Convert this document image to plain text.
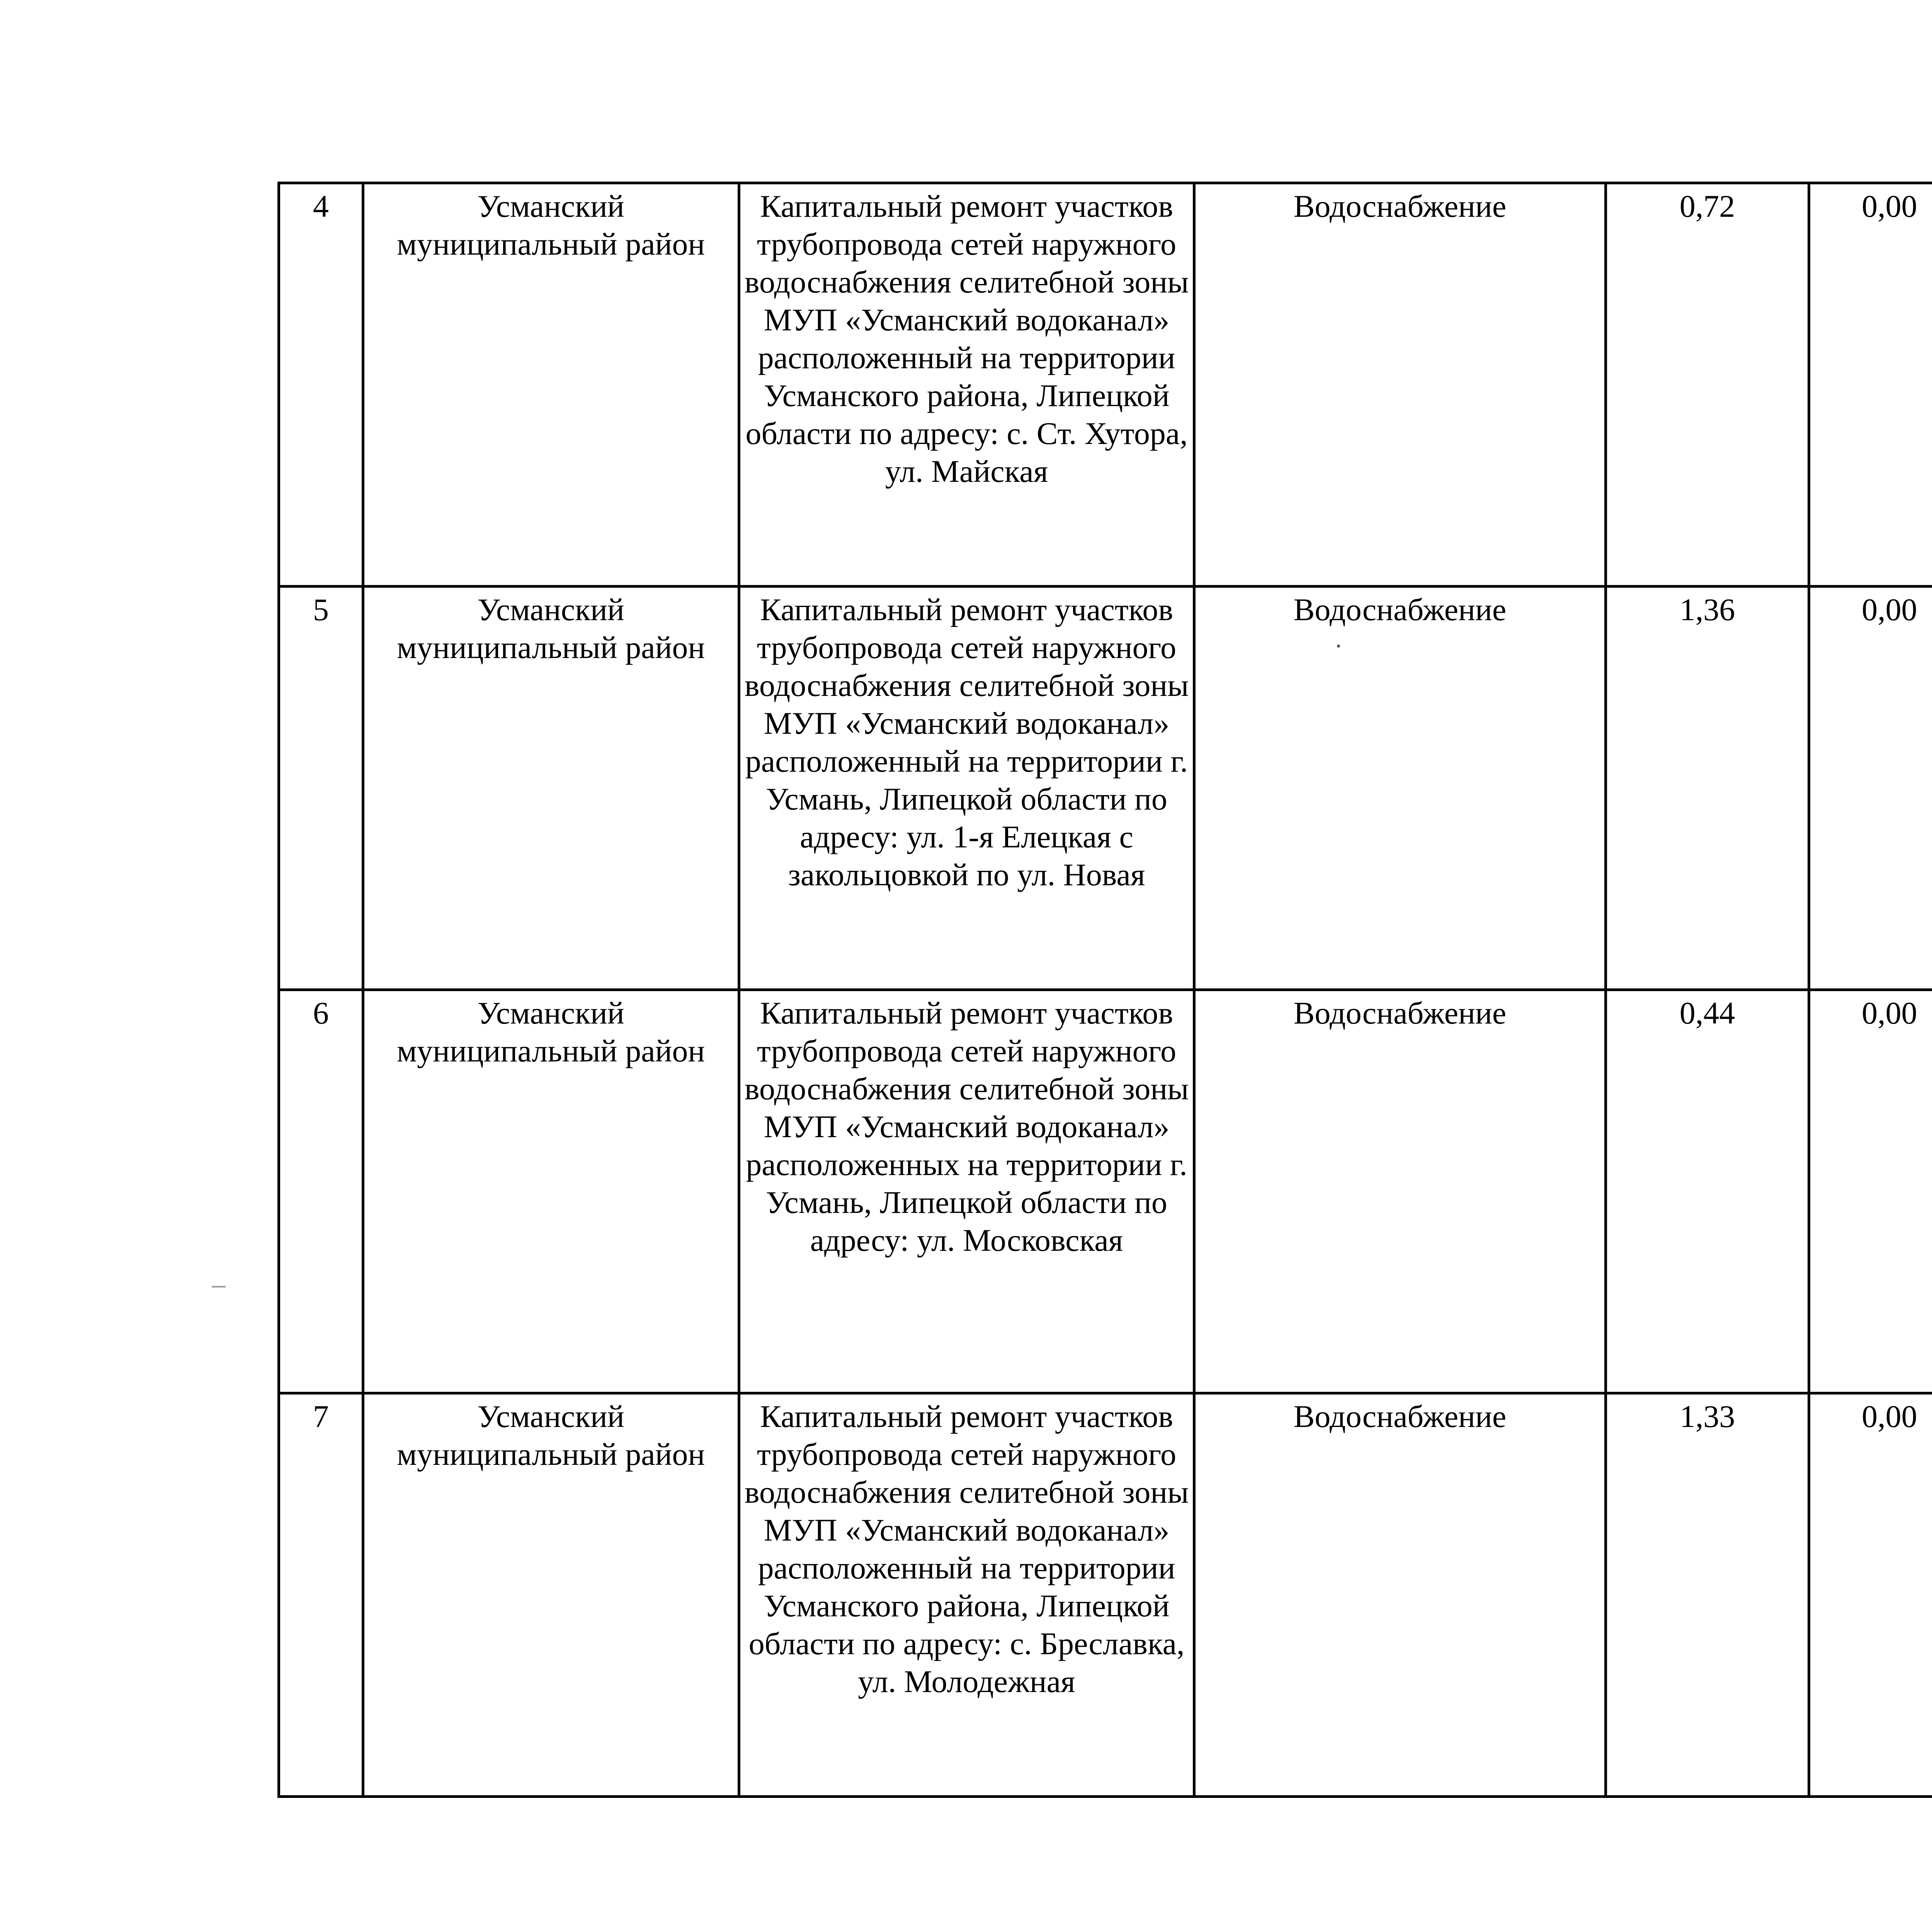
4	Усманский муниципальный район	Капитальный ремонт участков трубопровода сетей наружного водоснабжения селитебной зоны МУП «Усманский водоканал» расположенный на территории Усманского района, Липецкой области по адресу: с. Ст. Хутора, ул. Майская	Водоснабжение	0,72	0,00				
5	Усманский муниципальный район	Капитальный ремонт участков трубопровода сетей наружного водоснабжения селитебной зоны МУП «Усманский водоканал» расположенный на территории г. Усмань, Липецкой области по адресу: ул. 1-я Елецкая с закольцовкой по ул. Новая	Водоснабжение	1,36	0,00				
6	Усманский муниципальный район	Капитальный ремонт участков трубопровода сетей наружного водоснабжения селитебной зоны МУП «Усманский водоканал» расположенных на территории г. Усмань, Липецкой области по адресу: ул. Московская	Водоснабжение	0,44	0,00				
7	Усманский муниципальный район	Капитальный ремонт участков трубопровода сетей наружного водоснабжения селитебной зоны МУП «Усманский водоканал» расположенный на территории Усманского района, Липецкой области по адресу: с. Бреславка, ул. Молодежная	Водоснабжение	1,33	0,00				
